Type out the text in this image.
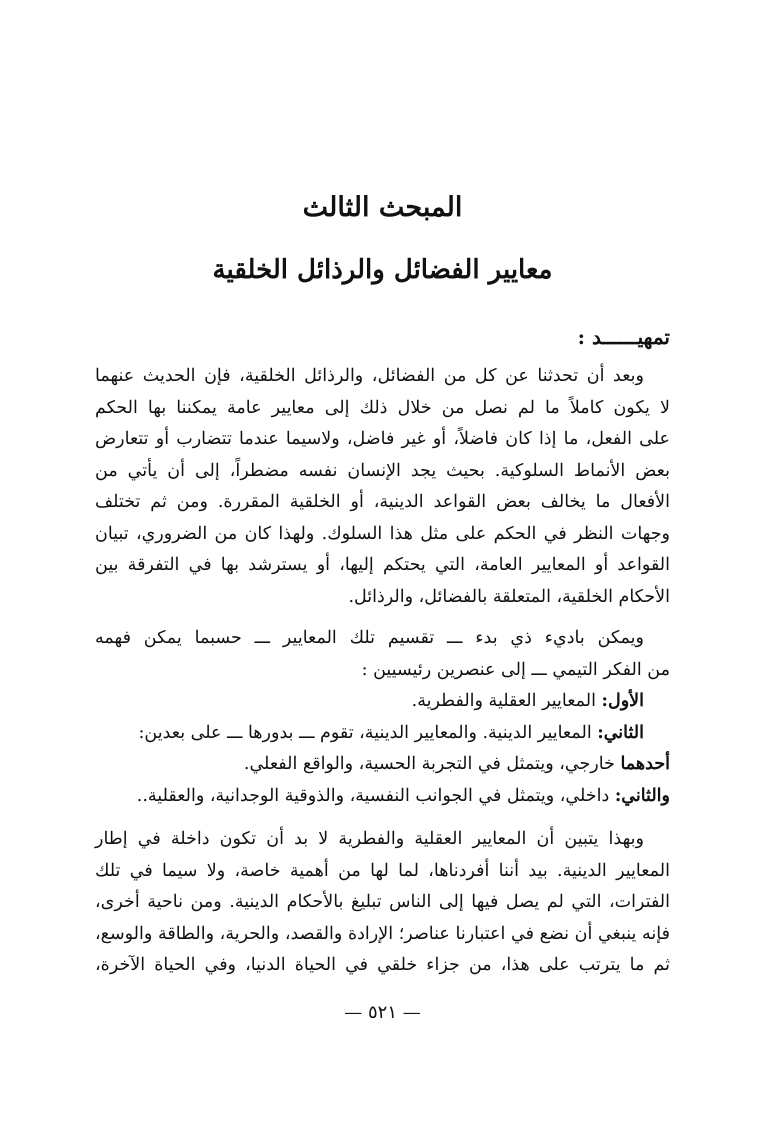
المبحث الثالث
معايير الفضائل والرذائل الخلقية
تمهيــــــد :
وبعد أن تحدثنا عن كل من الفضائل، والرذائل الخلقية، فإن الحديث عنهما
لا يكون كاملاً ما لم نصل من خلال ذلك إلى معايير عامة يمكننا بها الحكم
على الفعل، ما إذا كان فاضلاً، أو غير فاضل، ولاسيما عندما تتضارب أو تتعارض
بعض الأنماط السلوكية. بحيث يجد الإنسان نفسه مضطراً، إلى أن يأتي من
الأفعال ما يخالف بعض القواعد الدينية، أو الخلقية المقررة. ومن ثم تختلف
وجهات النظر في الحكم على مثل هذا السلوك. ولهذا كان من الضروري، تبيان
القواعد أو المعايير العامة، التي يحتكم إليها، أو يسترشد بها في التفرقة بين
الأحكام الخلقية، المتعلقة بالفضائل، والرذائل.
ويمكن باديء ذي بدء ـــ تقسيم تلك المعايير ـــ حسبما يمكن فهمه
من الفكر التيمي ـــ إلى عنصرين رئيسيين :
الأول: المعايير العقلية والفطرية.
الثاني: المعايير الدينية. والمعايير الدينية، تقوم ـــ بدورها ـــ على بعدين:
أحدهما خارجي، ويتمثل في التجربة الحسية، والواقع الفعلي.
والثاني: داخلي، ويتمثل في الجوانب النفسية، والذوقية الوجدانية، والعقلية..
وبهذا يتبين أن المعايير العقلية والفطرية لا بد أن تكون داخلة في إطار
المعايير الدينية. بيد أننا أفردناها، لما لها من أهمية خاصة، ولا سيما في تلك
الفترات، التي لم يصل فيها إلى الناس تبليغ بالأحكام الدينية. ومن ناحية أخرى،
فإنه ينبغي أن نضع في اعتبارنا عناصر؛ الإرادة والقصد، والحرية، والطاقة والوسع،
ثم ما يترتب على هذا، من جزاء خلقي في الحياة الدنيا، وفي الحياة الآخرة،
— ٥٢١ —
